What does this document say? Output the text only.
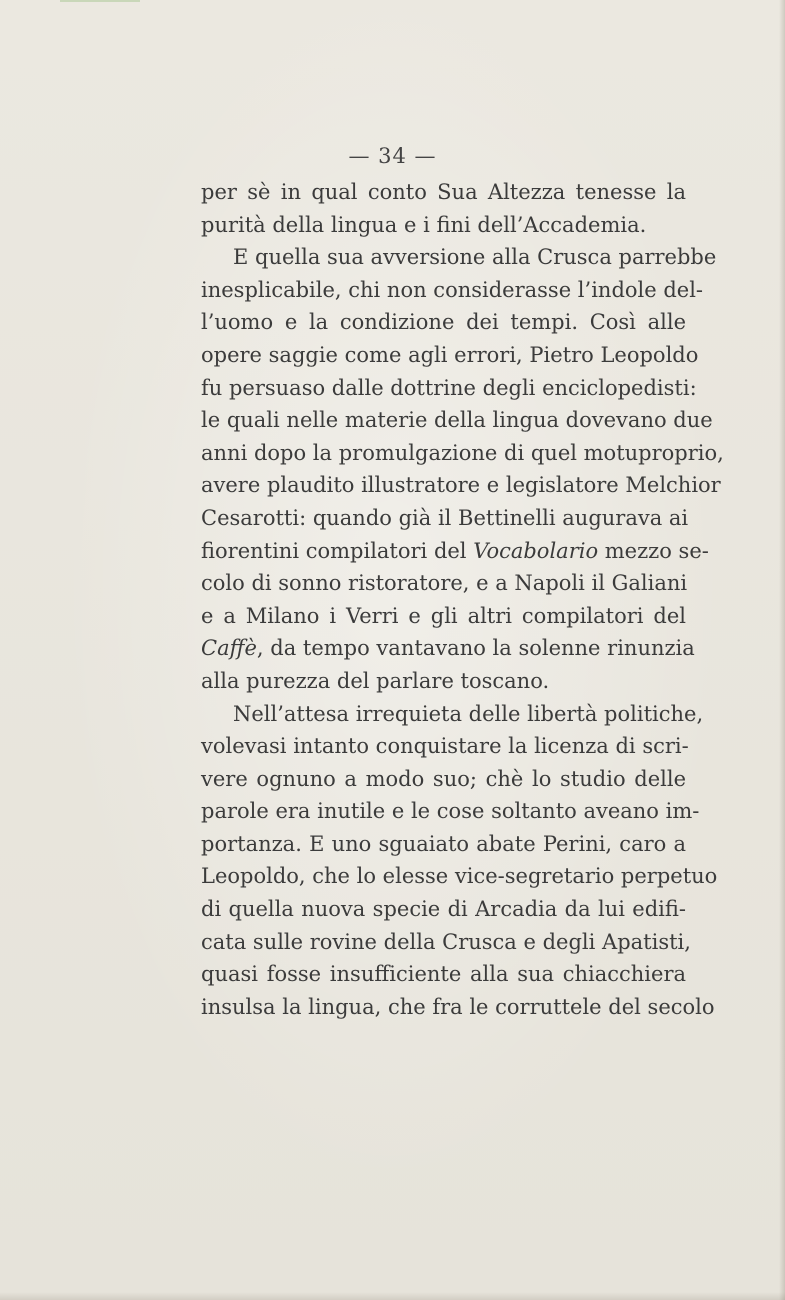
— 34 —
per sè in qual conto Sua Altezza tenesse la
purità della lingua e i fini dell’Accademia.
E quella sua avversione alla Crusca parrebbe
inesplicabile, chi non considerasse l’indole del-
l’uomo e la condizione dei tempi. Così alle
opere saggie come agli errori, Pietro Leopoldo
fu persuaso dalle dottrine degli enciclopedisti:
le quali nelle materie della lingua dovevano due
anni dopo la promulgazione di quel motuproprio,
avere plaudito illustratore e legislatore Melchior
Cesarotti: quando già il Bettinelli augurava ai
fiorentini compilatori del Vocabolario mezzo se-
colo di sonno ristoratore, e a Napoli il Galiani
e a Milano i Verri e gli altri compilatori del
Caffè, da tempo vantavano la solenne rinunzia
alla purezza del parlare toscano.
Nell’attesa irrequieta delle libertà politiche,
volevasi intanto conquistare la licenza di scri-
vere ognuno a modo suo; chè lo studio delle
parole era inutile e le cose soltanto aveano im-
portanza. E uno sguaiato abate Perini, caro a
Leopoldo, che lo elesse vice-segretario perpetuo
di quella nuova specie di Arcadia da lui edifi-
cata sulle rovine della Crusca e degli Apatisti,
quasi fosse insufficiente alla sua chiacchiera
insulsa la lingua, che fra le corruttele del secolo
